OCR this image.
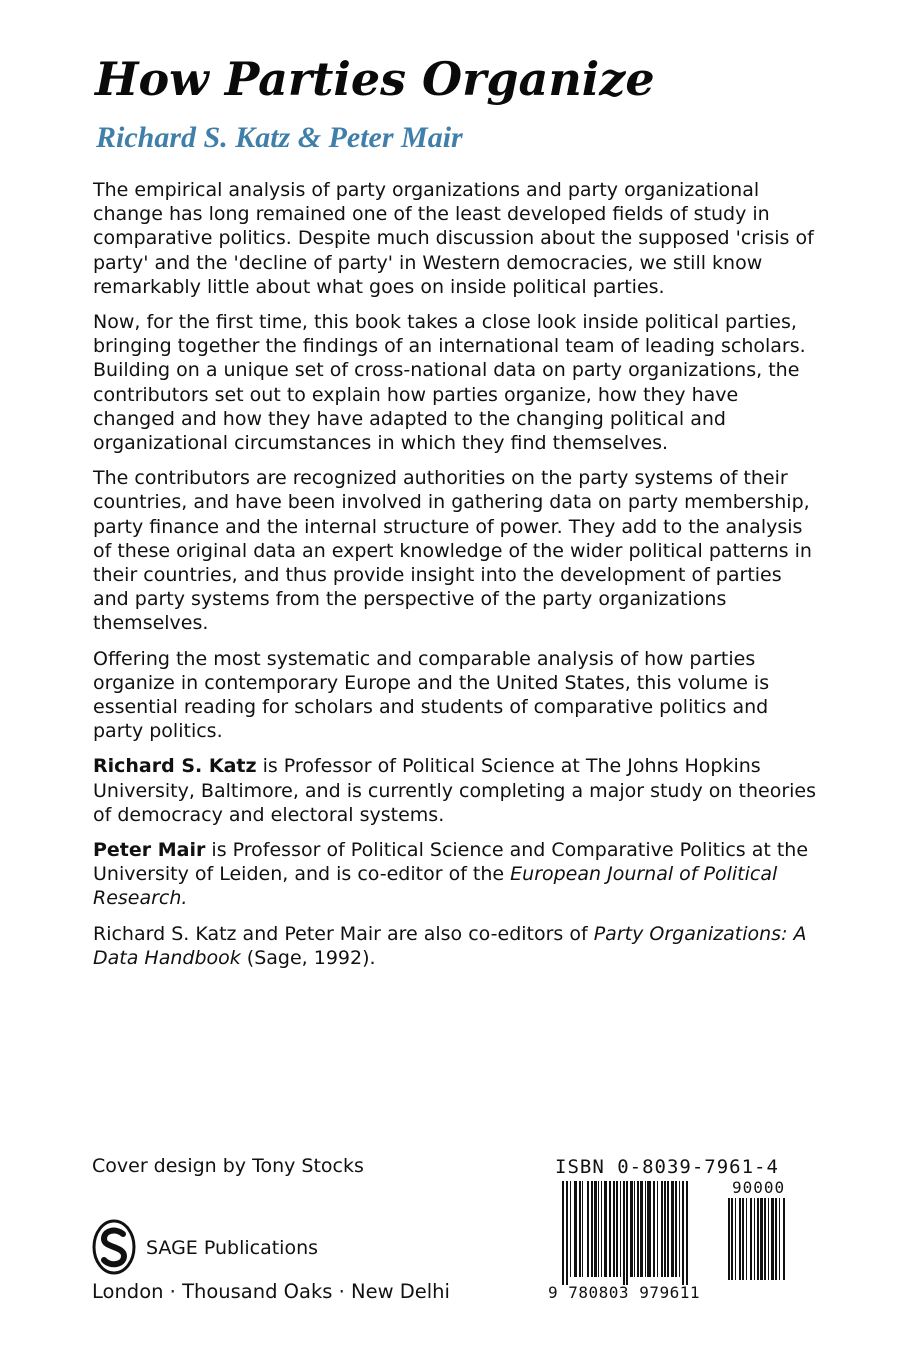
How Parties Organize
Richard S. Katz & Peter Mair

The empirical analysis of party organizations and party organizational change has long remained one of the least developed fields of study in comparative politics. Despite much discussion about the supposed 'crisis of party' and the 'decline of party' in Western democracies, we still know remarkably little about what goes on inside political parties.

Now, for the first time, this book takes a close look inside political parties, bringing together the findings of an international team of leading scholars. Building on a unique set of cross-national data on party organizations, the contributors set out to explain how parties organize, how they have changed and how they have adapted to the changing political and organizational circumstances in which they find themselves.

The contributors are recognized authorities on the party systems of their countries, and have been involved in gathering data on party membership, party finance and the internal structure of power. They add to the analysis of these original data an expert knowledge of the wider political patterns in their countries, and thus provide insight into the development of parties and party systems from the perspective of the party organizations themselves.

Offering the most systematic and comparable analysis of how parties organize in contemporary Europe and the United States, this volume is essential reading for scholars and students of comparative politics and party politics.

Richard S. Katz is Professor of Political Science at The Johns Hopkins University, Baltimore, and is currently completing a major study on theories of democracy and electoral systems.

Peter Mair is Professor of Political Science and Comparative Politics at the University of Leiden, and is co-editor of the European Journal of Political Research.

Richard S. Katz and Peter Mair are also co-editors of Party Organizations: A Data Handbook (Sage, 1992).

Cover design by Tony Stocks

SAGE Publications

London · Thousand Oaks · New Delhi

ISBN 0-8039-7961-4

90000

9 780803 979611
